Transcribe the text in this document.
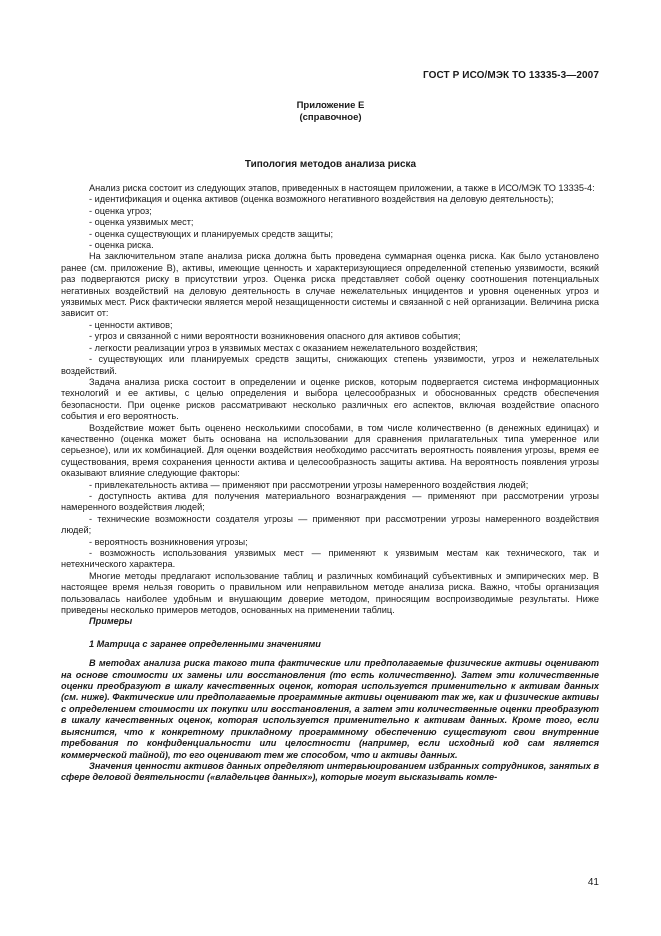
ГОСТ Р ИСО/МЭК ТО 13335-3—2007
Приложение Е
(справочное)
Типология методов анализа риска

Анализ риска состоит из следующих этапов, приведенных в настоящем приложении, а также в ИСО/МЭК ТО 13335-4:

- идентификация и оценка активов (оценка возможного негативного воздействия на деловую деятельность);

- оценка угроз;

- оценка уязвимых мест;

- оценка существующих и планируемых средств защиты;

- оценка риска.

На заключительном этапе анализа риска должна быть проведена суммарная оценка риска. Как было установлено ранее (см. приложение В), активы, имеющие ценность и характеризующиеся определенной степенью уязвимости, всякий раз подвергаются риску в присутствии угроз. Оценка риска представляет собой оценку соотношения потенциальных негативных воздействий на деловую деятельность в случае нежелательных инцидентов и уровня оцененных угроз и уязвимых мест. Риск фактически является мерой незащищенности системы и связанной с ней организации. Величина риска зависит от:

- ценности активов;

- угроз и связанной с ними вероятности возникновения опасного для активов события;

- легкости реализации угроз в уязвимых местах с оказанием нежелательного воздействия;

- существующих или планируемых средств защиты, снижающих степень уязвимости, угроз и нежелательных воздействий.

Задача анализа риска состоит в определении и оценке рисков, которым подвергается система информационных технологий и ее активы, с целью определения и выбора целесообразных и обоснованных средств обеспечения безопасности. При оценке рисков рассматривают несколько различных его аспектов, включая воздействие опасного события и его вероятность.

Воздействие может быть оценено несколькими способами, в том числе количественно (в денежных единицах) и качественно (оценка может быть основана на использовании для сравнения прилагательных типа умеренное или серьезное), или их комбинацией. Для оценки воздействия необходимо рассчитать вероятность появления угрозы, время ее существования, время сохранения ценности актива и целесообразность защиты актива. На вероятность появления угрозы оказывают влияние следующие факторы:

- привлекательность актива — применяют при рассмотрении угрозы намеренного воздействия людей;

- доступность актива для получения материального вознаграждения — применяют при рассмотрении угрозы намеренного воздействия людей;

- технические возможности создателя угрозы — применяют при рассмотрении угрозы намеренного воздействия людей;

- вероятность возникновения угрозы;

- возможность использования уязвимых мест — применяют к уязвимым местам как технического, так и нетехнического характера.

Многие методы предлагают использование таблиц и различных комбинаций субъективных и эмпирических мер. В настоящее время нельзя говорить о правильном или неправильном методе анализа риска. Важно, чтобы организация пользовалась наиболее удобным и внушающим доверие методом, приносящим воспроизводимые результаты. Ниже приведены несколько примеров методов, основанных на применении таблиц.

Примеры

1 Матрица с заранее определенными значениями

В методах анализа риска такого типа фактические или предполагаемые физические активы оценивают на основе стоимости их замены или восстановления (то есть количественно). Затем эти количественные оценки преобразуют в шкалу качественных оценок, которая используется применительно к активам данных (см. ниже). Фактические или предполагаемые программные активы оценивают так же, как и физические активы с определением стоимости их покупки или восстановления, а затем эти количественные оценки преобразуют в шкалу качественных оценок, которая используется применительно к активам данных. Кроме того, если выяснится, что к конкретному прикладному программному обеспечению существуют свои внутренние требования по конфиденциальности или целостности (например, если исходный код сам является коммерческой тайной), то его оценивают тем же способом, что и активы данных.

Значения ценности активов данных определяют интервьюированием избранных сотрудников, занятых в сфере деловой деятельности («владельцев данных»), которые могут высказывать комле-

41
